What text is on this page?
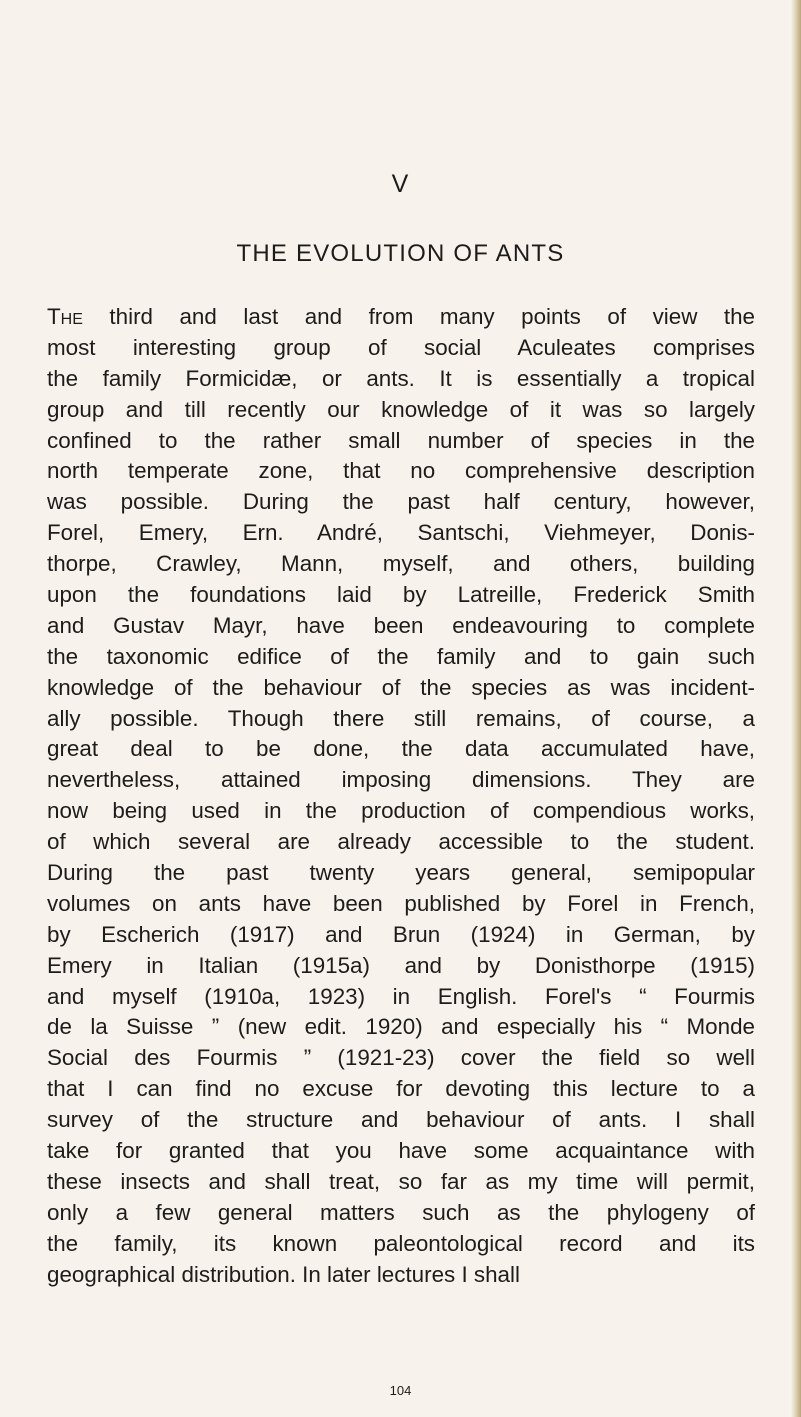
V
THE EVOLUTION OF ANTS
The third and last and from many points of view the
most interesting group of social Aculeates comprises
the family Formicidæ, or ants. It is essentially a tropical
group and till recently our knowledge of it was so largely
confined to the rather small number of species in the
north temperate zone, that no comprehensive description
was possible. During the past half century, however,
Forel, Emery, Ern. André, Santschi, Viehmeyer, Donis-
thorpe, Crawley, Mann, myself, and others, building
upon the foundations laid by Latreille, Frederick Smith
and Gustav Mayr, have been endeavouring to complete
the taxonomic edifice of the family and to gain such
knowledge of the behaviour of the species as was incident-
ally possible. Though there still remains, of course, a
great deal to be done, the data accumulated have,
nevertheless, attained imposing dimensions. They are
now being used in the production of compendious works,
of which several are already accessible to the student.
During the past twenty years general, semipopular
volumes on ants have been published by Forel in French,
by Escherich (1917) and Brun (1924) in German, by
Emery in Italian (1915a) and by Donisthorpe (1915)
and myself (1910a, 1923) in English. Forel's “ Fourmis
de la Suisse ” (new edit. 1920) and especially his “ Monde
Social des Fourmis ” (1921-23) cover the field so well
that I can find no excuse for devoting this lecture to a
survey of the structure and behaviour of ants. I shall
take for granted that you have some acquaintance with
these insects and shall treat, so far as my time will permit,
only a few general matters such as the phylogeny of
the family, its known paleontological record and its
geographical distribution. In later lectures I shall
104
